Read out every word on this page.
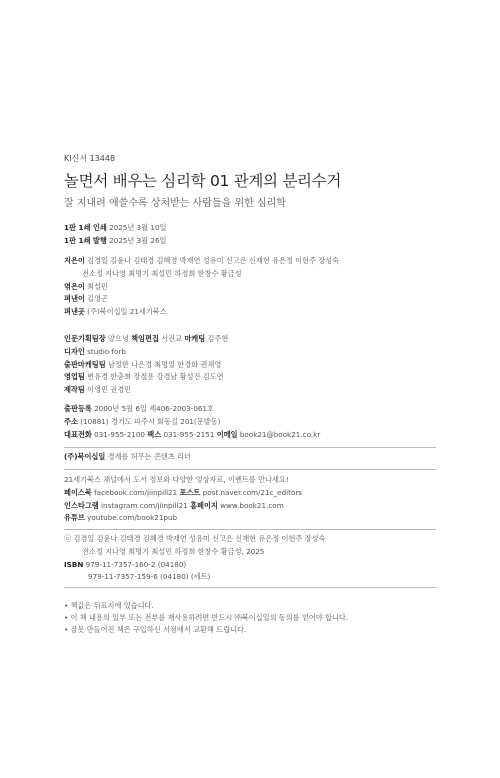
KI신서 13448
놀면서 배우는 심리학 01 관계의 분리수거
잘 지내려 애쓸수록 상처받는 사람들을 위한 심리학
1판 1쇄 인쇄 2025년 3월 10일
1판 1쇄 발행 2025년 3월 26일
지은이 김경일 김윤나 김태경 김혜경 박재연 성유미 신고은 신재현 유은정 이헌주 장성숙
전소정 지나영 최명기 최설민 하정희 한창수 황금성
엮은이 최설민
펴낸이 김영곤
펴낸곳 (주)북이십일 21세기북스
인문기획팀장 양으녕 책임편집 서진교 마케팅 김주현
디자인 studio forb
출판마케팅팀 남정한 나은경 최명열 한경화 권채영
영업팀 변유경 한충희 장철용 강경남 황성진 김도연
제작팀 이영민 권경민
출판등록 2000년 5월 6일 제406-2003-061호
주소 (10881) 경기도 파주시 회동길 201(문발동)
대표전화 031-955-2100 팩스 031-955-2151 이메일 book21@book21.co.kr
(주)북이십일 경계를 허무는 콘텐츠 리더
21세기북스 채널에서 도서 정보와 다양한 영상자료, 이벤트를 만나세요!
페이스북 facebook.com/jiinpill21 포스트 post.naver.com/21c_editors
인스타그램 instagram.com/jiinpill21 홈페이지 www.book21.com
유튜브 youtube.com/book21pub
ⓒ 김경일 김윤나 김태경 김혜경 박재연 성유미 신고은 신재현 유은정 이헌주 장성숙
전소정 지나영 최명기 최설민 하정희 한창수 황금성, 2025
ISBN 979-11-7357-160-2 (04180)
979-11-7357-159-6 (04180) (세트)
• 책값은 뒤표지에 있습니다.
• 이 책 내용의 일부 또는 전부를 재사용하려면 반드시 ㈜북이십일의 동의를 얻어야 합니다.
• 잘못 만들어진 책은 구입하신 서점에서 교환해 드립니다.
